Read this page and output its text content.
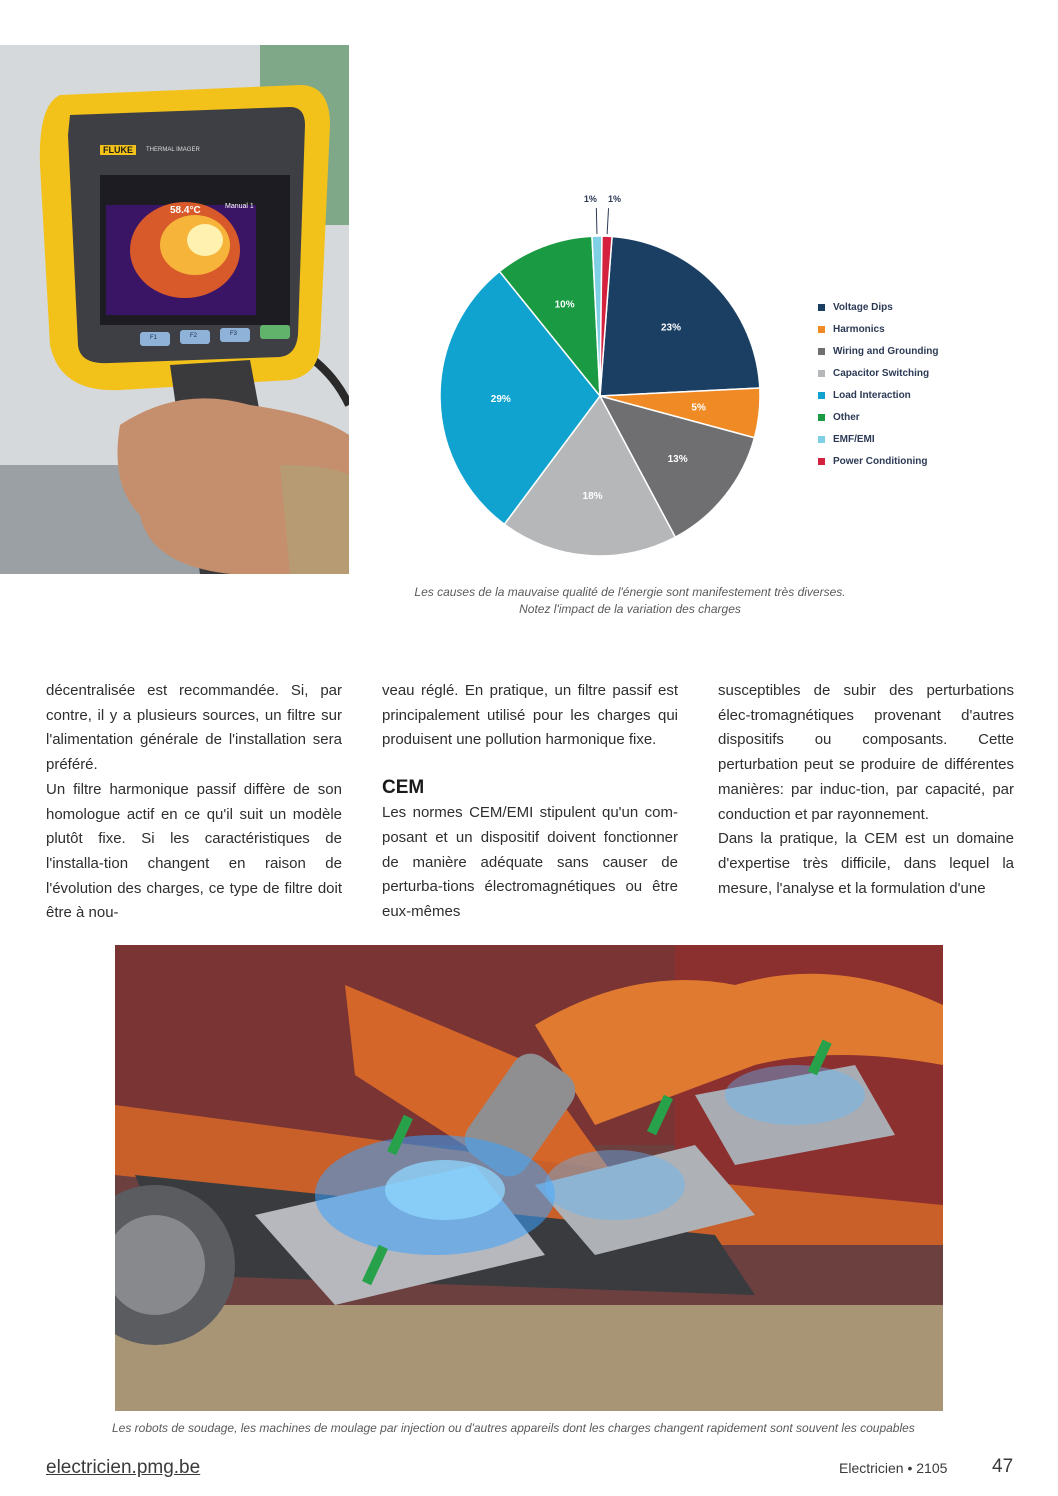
FLUKE	THERMAL IMAGER
58.4°C	Manual 1
F1	F2	F3
23%
5%
13%
18%
29%
10%
1% 1%
Voltage Dips
Harmonics
Wiring and Grounding
Capacitor Switching
Load Interaction
Other
EMF/EMI
Power Conditioning
Les causes de la mauvaise qualité de l'énergie sont manifestement très diverses.
Notez l'impact de la variation des charges

décentralisée est recommandée. Si, par contre, il y a plusieurs sources, un filtre sur l'alimentation générale de l'installation sera préféré.

Un filtre harmonique passif diffère de son homologue actif en ce qu'il suit un modèle plutôt fixe. Si les caractéristiques de l'installa-tion changent en raison de l'évolution des charges, ce type de filtre doit être à nou-

veau réglé. En pratique, un filtre passif est principalement utilisé pour les charges qui produisent une pollution harmonique fixe.

CEM

Les normes CEM/EMI stipulent qu'un com-posant et un dispositif doivent fonctionner de manière adéquate sans causer de perturba-tions électromagnétiques ou être eux-mêmes

susceptibles de subir des perturbations élec-tromagnétiques provenant d'autres dispositifs ou composants. Cette perturbation peut se produire de différentes manières: par induc-tion, par capacité, par conduction et par rayonnement.

Dans la pratique, la CEM est un domaine d'expertise très difficile, dans lequel la mesure, l'analyse et la formulation d'une

Les robots de soudage, les machines de moulage par injection ou d'autres appareils dont les charges changent rapidement sont souvent les coupables
electricien.pmg.be	Electricien • 2105 47
